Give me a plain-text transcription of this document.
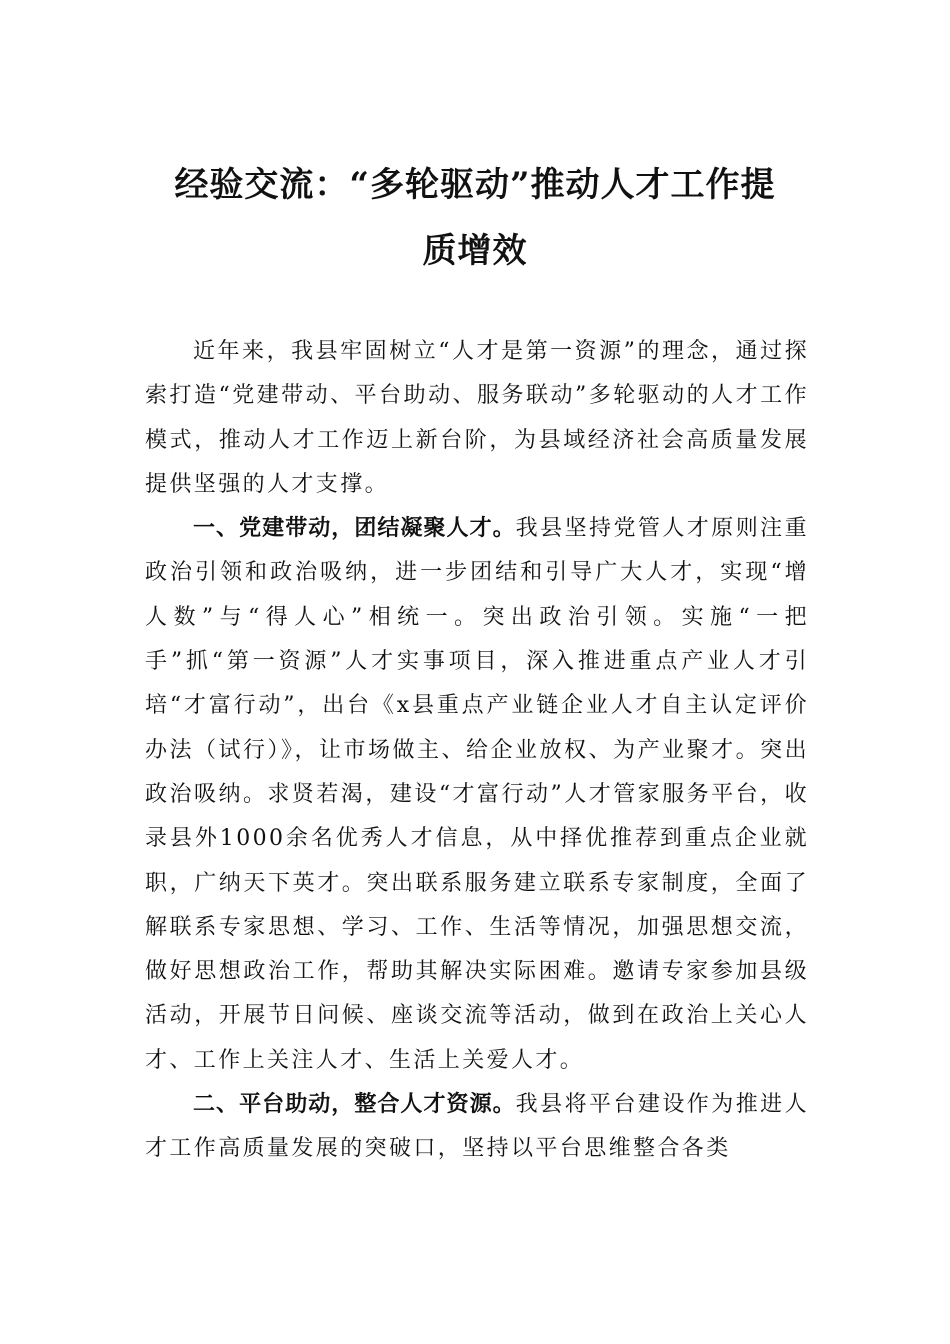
经验交流：“多轮驱动”推动人才工作提
质增效

近年来，我县牢固树立“人才是第一资源”的理念，通过探索打造“党建带动、平台助动、服务联动”多轮驱动的人才工作模式，推动人才工作迈上新台阶，为县域经济社会高质量发展提供坚强的人才支撑。

一、党建带动，团结凝聚人才。我县坚持党管人才原则注重政治引领和政治吸纳，进一步团结和引导广大人才，实现“增人数”与“得人心”相统一。突出政治引领。实施“一把手”抓“第一资源”人才实事项目，深入推进重点产业人才引培“才富行动”，出台《x县重点产业链企业人才自主认定评价办法（试行）》，让市场做主、给企业放权、为产业聚才。突出政治吸纳。求贤若渴，建设“才富行动”人才管家服务平台，收录县外1000余名优秀人才信息，从中择优推荐到重点企业就职，广纳天下英才。突出联系服务建立联系专家制度，全面了解联系专家思想、学习、工作、生活等情况，加强思想交流，做好思想政治工作，帮助其解决实际困难。邀请专家参加县级活动，开展节日问候、座谈交流等活动，做到在政治上关心人才、工作上关注人才、生活上关爱人才。

二、平台助动，整合人才资源。我县将平台建设作为推进人才工作高质量发展的突破口，坚持以平台思维整合各类
